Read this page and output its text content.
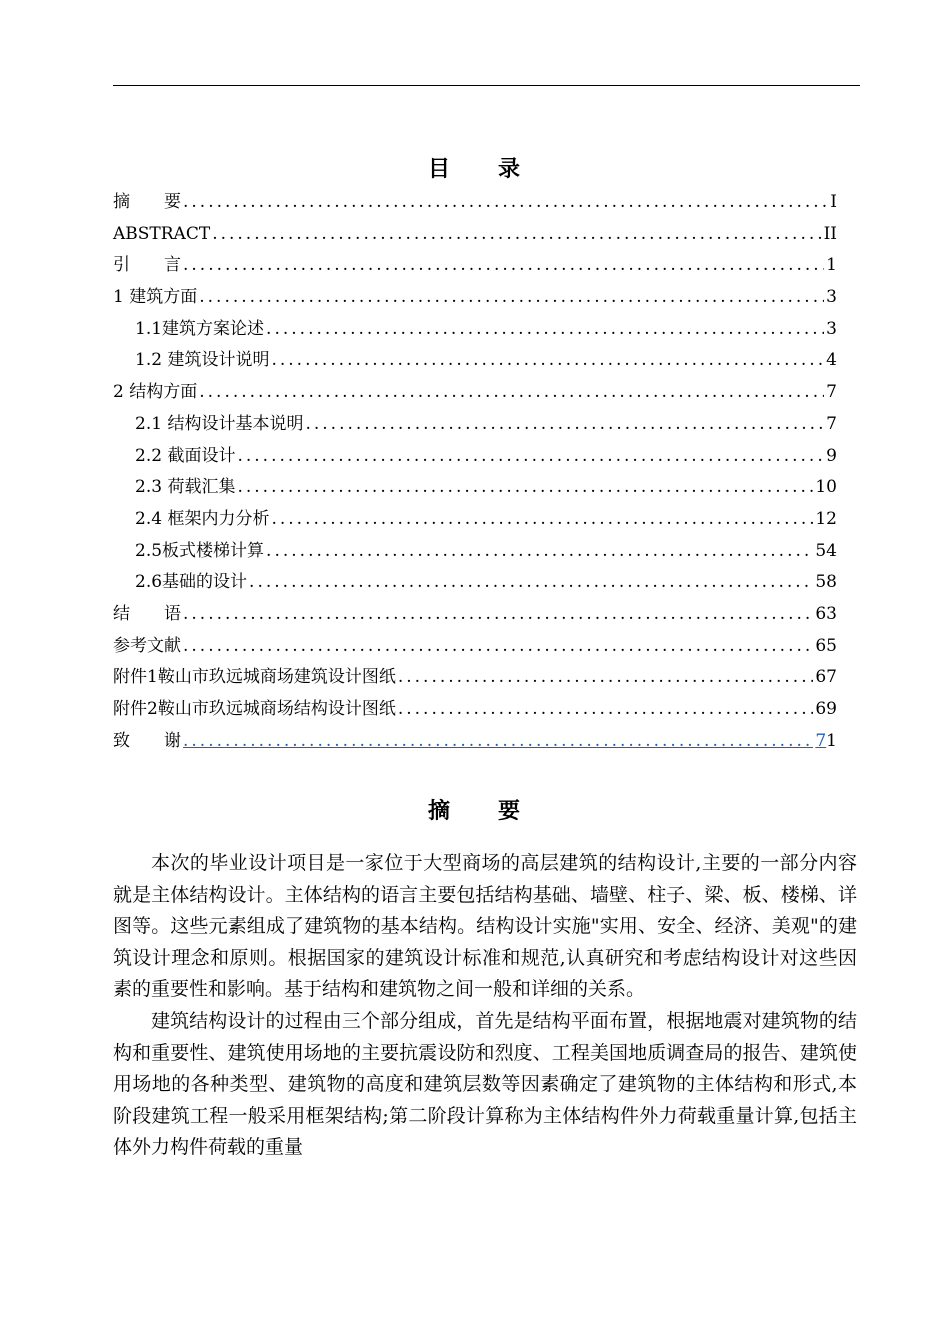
目 录
摘　　要 .....	I
ABSTRACT .....	II
引　　言 .....	1
1 建筑方面 .....	3
1.1建筑方案论述 .....	3
1.2 建筑设计说明 .....	4
2 结构方面 .....	7
2.1 结构设计基本说明 .....	7
2.2 截面设计 .....	9
2.3 荷载汇集 .....	10
2.4 框架内力分析 .....	12
2.5板式楼梯计算 .....	54
2.6基础的设计 .....	58
结　　语 .....	63
参考文献 .....	65
附件1鞍山市玖远城商场建筑设计图纸 .....	67
附件2鞍山市玖远城商场结构设计图纸 .....	69
致　　谢 .....	71
摘 要

本次的毕业设计项目是一家位于大型商场的高层建筑的结构设计,主要的一部分内容就是主体结构设计。主体结构的语言主要包括结构基础、墙壁、柱子、梁、板、楼梯、详图等。这些元素组成了建筑物的基本结构。结构设计实施"实用、安全、经济、美观"的建筑设计理念和原则。根据国家的建筑设计标准和规范,认真研究和考虑结构设计对这些因素的重要性和影响。基于结构和建筑物之间一般和详细的关系。

建筑结构设计的过程由三个部分组成，首先是结构平面布置，根据地震对建筑物的结构和重要性、建筑使用场地的主要抗震设防和烈度、工程美国地质调查局的报告、建筑使用场地的各种类型、建筑物的高度和建筑层数等因素确定了建筑物的主体结构和形式,本阶段建筑工程一般采用框架结构;第二阶段计算称为主体结构件外力荷载重量计算,包括主体外力构件荷载的重量
